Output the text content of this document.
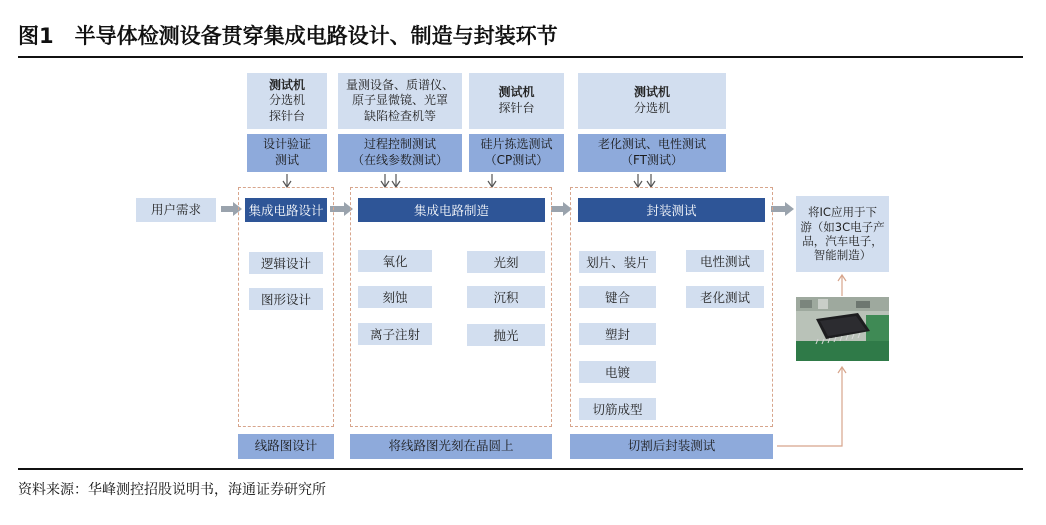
图1　半导体检测设备贯穿集成电路设计、制造与封装环节
测试机
分选机
探针台
量测设备、质谱仪、
原子显微镜、光罩
缺陷检查机等
测试机
探针台
测试机
分选机
设计验证
测试
过程控制测试
（在线参数测试）
硅片拣选测试
（CP测试）
老化测试、电性测试
（FT测试）
用户需求	集成电路设计	集成电路制造	封装测试	将IC应用于下
游（如3C电子产
品，汽车电子，
智能制造）
逻辑设计
图形设计
氧化	光刻
刻蚀	沉积
离子注射	抛光
划片、装片	电性测试
键合	老化测试
塑封
电镀
切筋成型
线路图设计	将线路图光刻在晶圆上	切割后封装测试
资料来源：华峰测控招股说明书，海通证券研究所
